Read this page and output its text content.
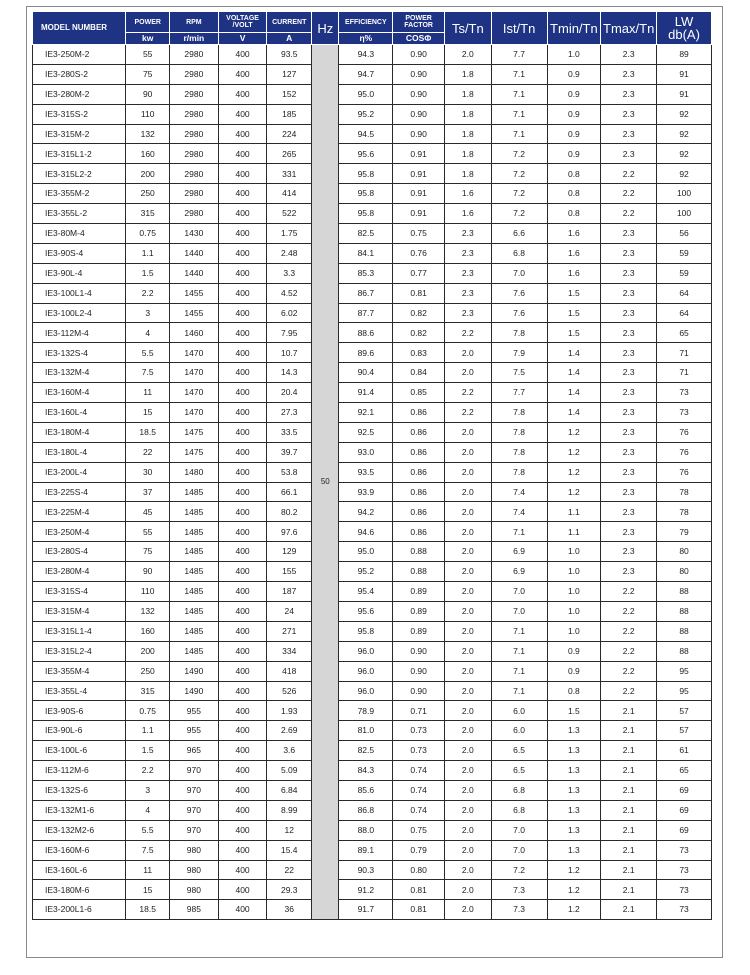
MODEL NUMBER	POWER	RPM	VOLTAGE /VOLT	CURRENT	Hz	EFFICIENCY	POWER FACTOR	Ts/Tn	Ist/Tn	Tmin/Tn	Tmax/Tn	LW db(A)
	kw	r/min	V	A		η%	COSΦ					
IE3-250M-2	55	2980	400	93.5	50	94.3	0.90	2.0	7.7	1.0	2.3	89
IE3-280S-2	75	2980	400	127		94.7	0.90	1.8	7.1	0.9	2.3	91
IE3-280M-2	90	2980	400	152		95.0	0.90	1.8	7.1	0.9	2.3	91
IE3-315S-2	110	2980	400	185		95.2	0.90	1.8	7.1	0.9	2.3	92
IE3-315M-2	132	2980	400	224		94.5	0.90	1.8	7.1	0.9	2.3	92
IE3-315L1-2	160	2980	400	265		95.6	0.91	1.8	7.2	0.9	2.3	92
IE3-315L2-2	200	2980	400	331		95.8	0.91	1.8	7.2	0.8	2.2	92
IE3-355M-2	250	2980	400	414		95.8	0.91	1.6	7.2	0.8	2.2	100
IE3-355L-2	315	2980	400	522		95.8	0.91	1.6	7.2	0.8	2.2	100
IE3-80M-4	0.75	1430	400	1.75		82.5	0.75	2.3	6.6	1.6	2.3	56
IE3-90S-4	1.1	1440	400	2.48		84.1	0.76	2.3	6.8	1.6	2.3	59
IE3-90L-4	1.5	1440	400	3.3		85.3	0.77	2.3	7.0	1.6	2.3	59
IE3-100L1-4	2.2	1455	400	4.52		86.7	0.81	2.3	7.6	1.5	2.3	64
IE3-100L2-4	3	1455	400	6.02		87.7	0.82	2.3	7.6	1.5	2.3	64
IE3-112M-4	4	1460	400	7.95		88.6	0.82	2.2	7.8	1.5	2.3	65
IE3-132S-4	5.5	1470	400	10.7		89.6	0.83	2.0	7.9	1.4	2.3	71
IE3-132M-4	7.5	1470	400	14.3		90.4	0.84	2.0	7.5	1.4	2.3	71
IE3-160M-4	11	1470	400	20.4		91.4	0.85	2.2	7.7	1.4	2.3	73
IE3-160L-4	15	1470	400	27.3		92.1	0.86	2.2	7.8	1.4	2.3	73
IE3-180M-4	18.5	1475	400	33.5		92.5	0.86	2.0	7.8	1.2	2.3	76
IE3-180L-4	22	1475	400	39.7		93.0	0.86	2.0	7.8	1.2	2.3	76
IE3-200L-4	30	1480	400	53.8		93.5	0.86	2.0	7.8	1.2	2.3	76
IE3-225S-4	37	1485	400	66.1		93.9	0.86	2.0	7.4	1.2	2.3	78
IE3-225M-4	45	1485	400	80.2		94.2	0.86	2.0	7.4	1.1	2.3	78
IE3-250M-4	55	1485	400	97.6		94.6	0.86	2.0	7.1	1.1	2.3	79
IE3-280S-4	75	1485	400	129		95.0	0.88	2.0	6.9	1.0	2.3	80
IE3-280M-4	90	1485	400	155		95.2	0.88	2.0	6.9	1.0	2.3	80
IE3-315S-4	110	1485	400	187		95.4	0.89	2.0	7.0	1.0	2.2	88
IE3-315M-4	132	1485	400	24		95.6	0.89	2.0	7.0	1.0	2.2	88
IE3-315L1-4	160	1485	400	271		95.8	0.89	2.0	7.1	1.0	2.2	88
IE3-315L2-4	200	1485	400	334		96.0	0.90	2.0	7.1	0.9	2.2	88
IE3-355M-4	250	1490	400	418		96.0	0.90	2.0	7.1	0.9	2.2	95
IE3-355L-4	315	1490	400	526		96.0	0.90	2.0	7.1	0.8	2.2	95
IE3-90S-6	0.75	955	400	1.93		78.9	0.71	2.0	6.0	1.5	2.1	57
IE3-90L-6	1.1	955	400	2.69		81.0	0.73	2.0	6.0	1.3	2.1	57
IE3-100L-6	1.5	965	400	3.6		82.5	0.73	2.0	6.5	1.3	2.1	61
IE3-112M-6	2.2	970	400	5.09		84.3	0.74	2.0	6.5	1.3	2.1	65
IE3-132S-6	3	970	400	6.84		85.6	0.74	2.0	6.8	1.3	2.1	69
IE3-132M1-6	4	970	400	8.99		86.8	0.74	2.0	6.8	1.3	2.1	69
IE3-132M2-6	5.5	970	400	12		88.0	0.75	2.0	7.0	1.3	2.1	69
IE3-160M-6	7.5	980	400	15.4		89.1	0.79	2.0	7.0	1.3	2.1	73
IE3-160L-6	11	980	400	22		90.3	0.80	2.0	7.2	1.2	2.1	73
IE3-180M-6	15	980	400	29.3		91.2	0.81	2.0	7.3	1.2	2.1	73
IE3-200L1-6	18.5	985	400	36		91.7	0.81	2.0	7.3	1.2	2.1	73
